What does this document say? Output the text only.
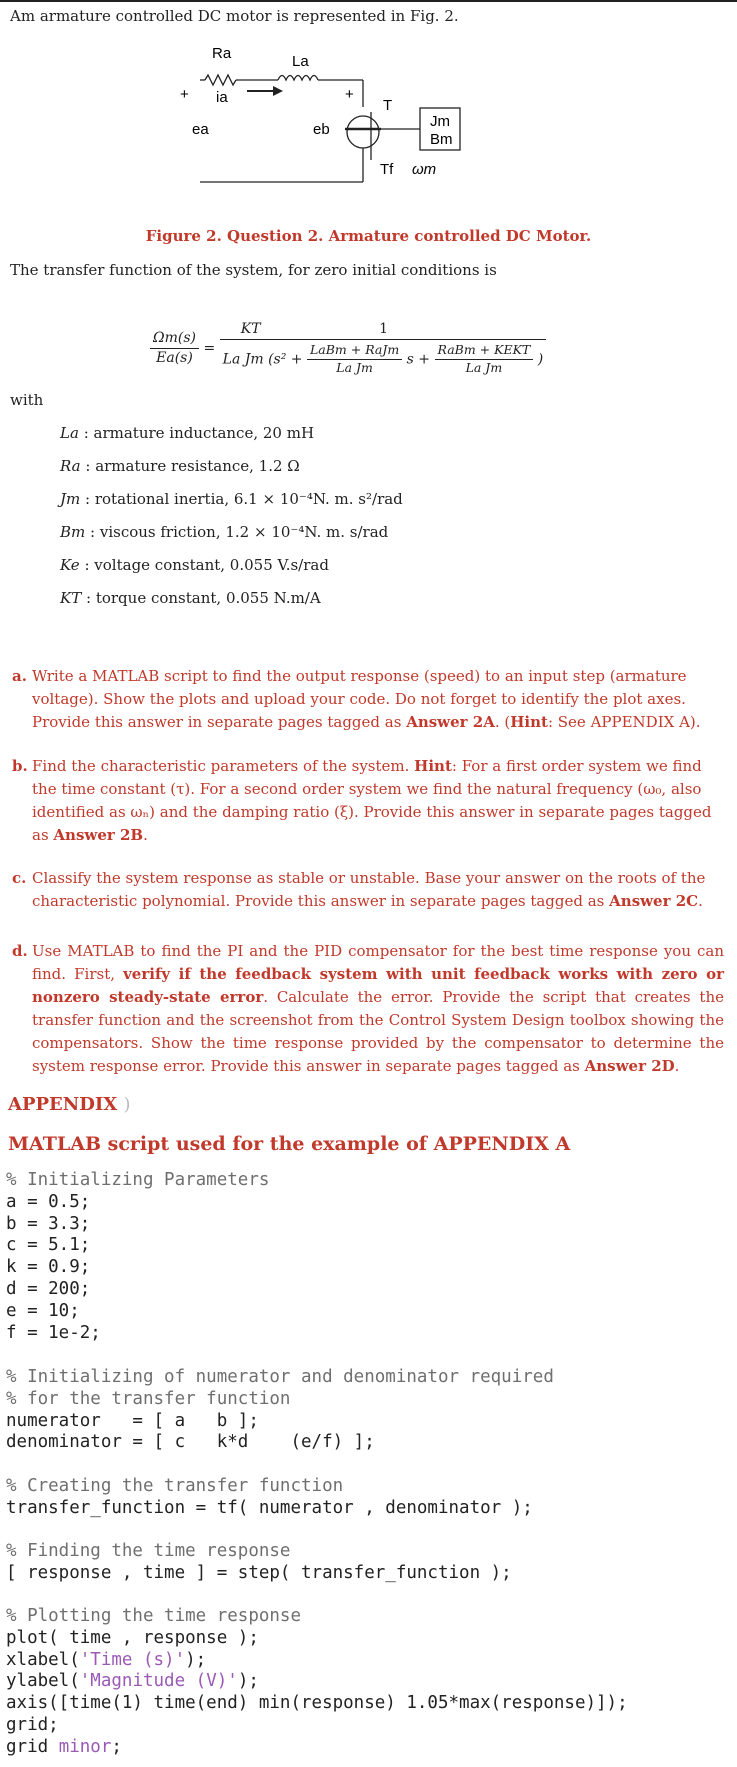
Am armature controlled DC motor is represented in Fig. 2.
Ra	La
ia
+	+
ea	eb
T
Jm
Bm
Tf ωm
Figure 2. Question 2. Armature controlled DC Motor.
The transfer function of the system, for zero initial conditions is
$\frac{\Omega m(s)}{Ea(s)}$ =
KT	1
La Jm ($s^2 + \frac{\text{LaBm + RaJm}}{\text{La Jm}}$ $s + \frac{\text{RaBm + KEKT}}{\text{La Jm}}$ )
with
La : armature inductance, 20 mH
Ra : armature resistance, 1.2 Ω
Jm : rotational inertia, 6.1 × 10⁻⁴N. m. s²/rad
Bm : viscous friction, 1.2 × 10⁻⁴N. m. s/rad
Ke : voltage constant, 0.055 V.s/rad
KT : torque constant, 0.055 N.m/A
a. Write a MATLAB script to find the output response (speed) to an input step (armature voltage). Show the plots and upload your code. Do not forget to identify the plot axes. Provide this answer in separate pages tagged as Answer 2A. (Hint: See APPENDIX A).
b. Find the characteristic parameters of the system. Hint: For a first order system we find the time constant (τ). For a second order system we find the natural frequency (ω₀, also identified as ωₙ) and the damping ratio (ξ). Provide this answer in separate pages tagged as Answer 2B.
c. Classify the system response as stable or unstable. Base your answer on the roots of the characteristic polynomial. Provide this answer in separate pages tagged as Answer 2C.
d. Use MATLAB to find the PI and the PID compensator for the best time response you can find. First, verify if the feedback system with unit feedback works with zero or nonzero steady-state error. Calculate the error. Provide the script that creates the transfer function and the screenshot from the Control System Design toolbox showing the compensators. Show the time response provided by the compensator to determine the system response error. Provide this answer in separate pages tagged as Answer 2D.
APPENDIX )
MATLAB script used for the example of APPENDIX A
% Initializing Parameters
a = 0.5;
b = 3.3;
c = 5.1;
k = 0.9;
d = 200;
e = 10;
f = 1e-2;
% Initializing of numerator and denominator required
% for the transfer function
numerator   = [ a   b ];
denominator = [ c   k*d    (e/f) ];
% Creating the transfer function
transfer_function = tf( numerator , denominator );
% Finding the time response
[ response , time ] = step( transfer_function );
% Plotting the time response
plot( time , response );
xlabel('Time (s)');
ylabel('Magnitude (V)');
axis([time(1) time(end) min(response) 1.05*max(response)]);
grid;
grid minor;
